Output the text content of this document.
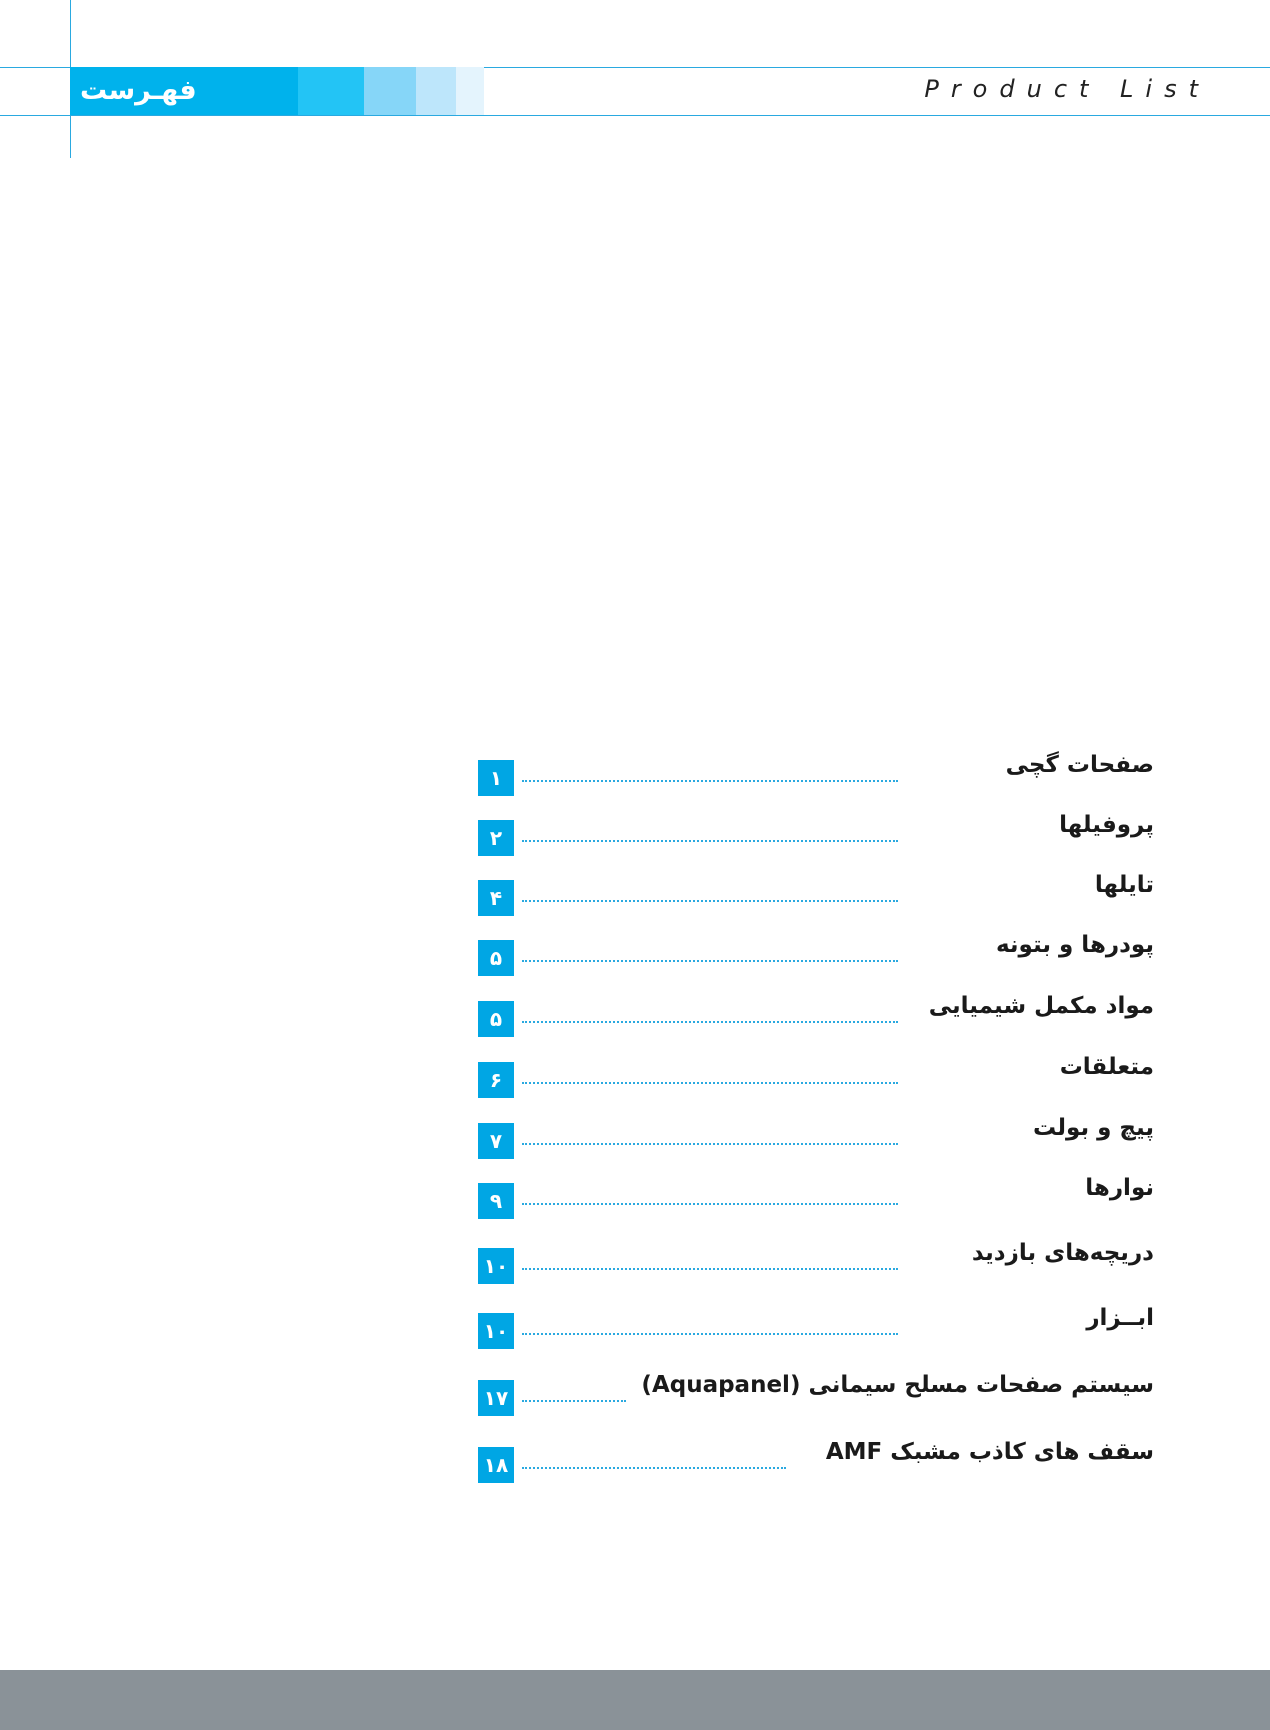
فهـرست	Product List
۱	صفحات گچی
۲	پروفیلها
۴	تایلها
۵	پودرها و بتونه
۵	مواد مکمل شیمیایی
۶	متعلقات
۷	پیچ و بولت
۹	نوارها
۱۰	دریچه‌های بازدید
۱۰	ابــزار
۱۷	سیستم صفحات مسلح سیمانی (Aquapanel)
۱۸	سقف های کاذب مشبک AMF
